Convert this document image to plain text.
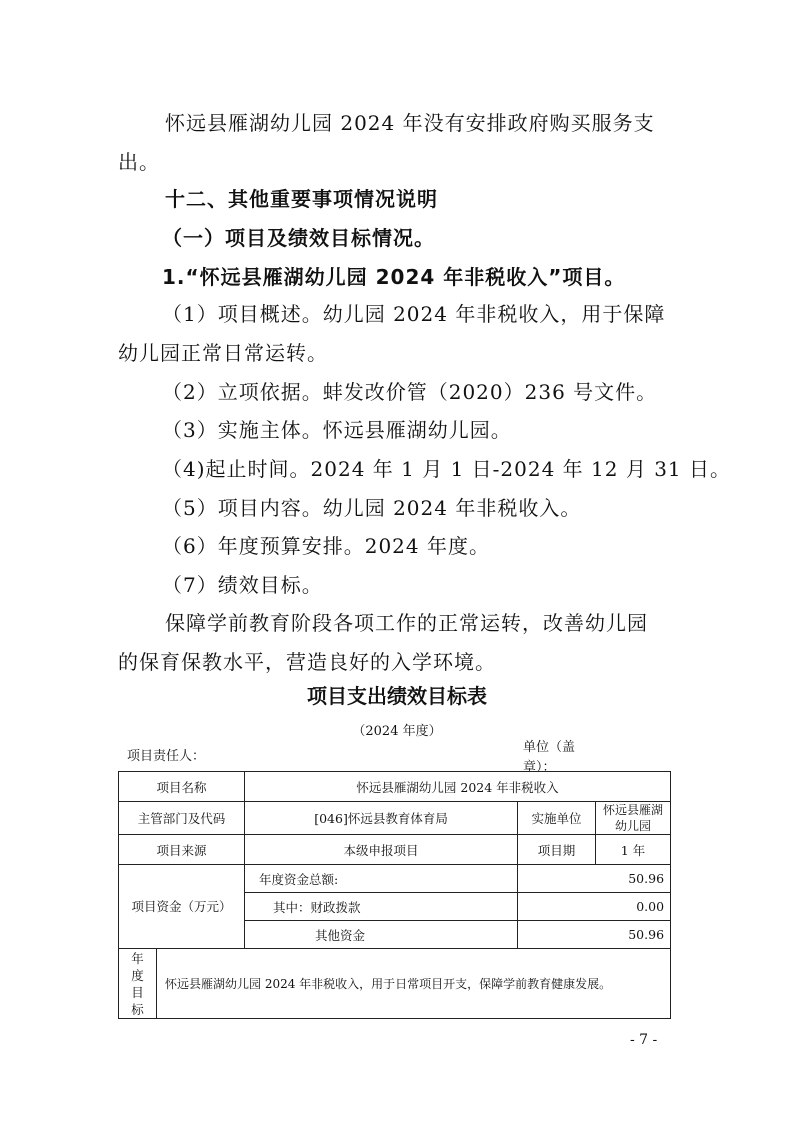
怀远县雁湖幼儿园 2024 年没有安排政府购买服务支
出。
十二、其他重要事项情况说明
（一）项目及绩效目标情况。
1.“怀远县雁湖幼儿园 2024 年非税收入”项目。
（1）项目概述。幼儿园 2024 年非税收入，用于保障
幼儿园正常日常运转。
（2）立项依据。蚌发改价管（2020）236 号文件。
（3）实施主体。怀远县雁湖幼儿园。
（4)起止时间。2024 年 1 月 1 日-2024 年 12 月 31 日。
（5）项目内容。幼儿园 2024 年非税收入。
（6）年度预算安排。2024 年度。
（7）绩效目标。
保障学前教育阶段各项工作的正常运转，改善幼儿园
的保育保教水平，营造良好的入学环境。
项目支出绩效目标表
（2024 年度）
项目责任人：
单位（盖章）：
项目名称		怀远县雁湖幼儿园 2024 年非税收入		
主管部门及代码		[046]怀远县教育体育局	实施单位	怀远县雁湖幼儿园
项目来源		本级申报项目	项目期	1 年
项目资金（万元）		年度资金总额:	50.96	
		其中：财政拨款	0.00	
		其他资金	50.96	

年
度
目
标	怀远县雁湖幼儿园 2024 年非税收入，用于日常项目开支，保障学前教育健康发展。			
- 7 -
